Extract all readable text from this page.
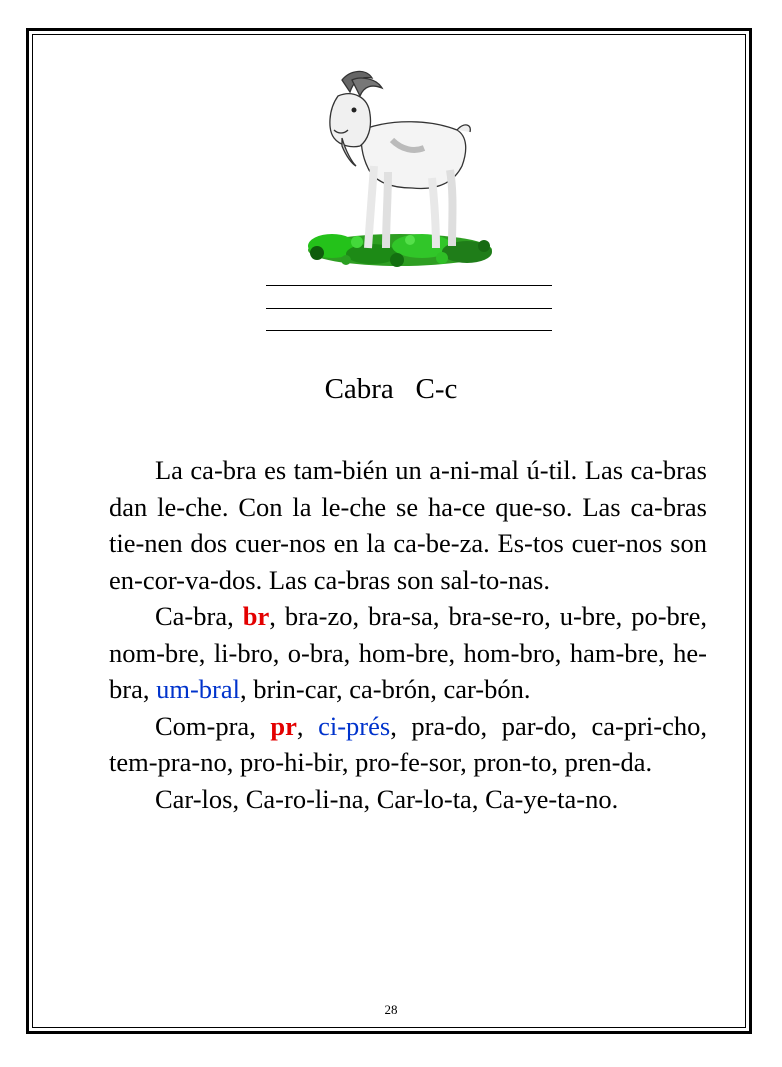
Cabra   C-c

La ca-bra es tam-bién un a-ni-mal ú-til. Las ca-bras dan le-che. Con la le-che se ha-ce que-so. Las ca-bras tie-nen dos cuer-nos en la ca-be-za. Es-tos cuer-nos son en-cor-va-dos. Las ca-bras son sal-to-nas.

Ca-bra, br, bra-zo, bra-sa, bra-se-ro, u-bre, po-bre, nom-bre, li-bro, o-bra, hom-bre, hom-bro, ham-bre, he-bra, um-bral, brin-car, ca-brón, car-bón.

Com-pra, pr, ci-prés, pra-do, par-do, ca-pri-cho, tem-pra-no, pro-hi-bir, pro-fe-sor, pron-to, pren-da.

Car-los, Ca-ro-li-na, Car-lo-ta, Ca-ye-ta-no.

28
